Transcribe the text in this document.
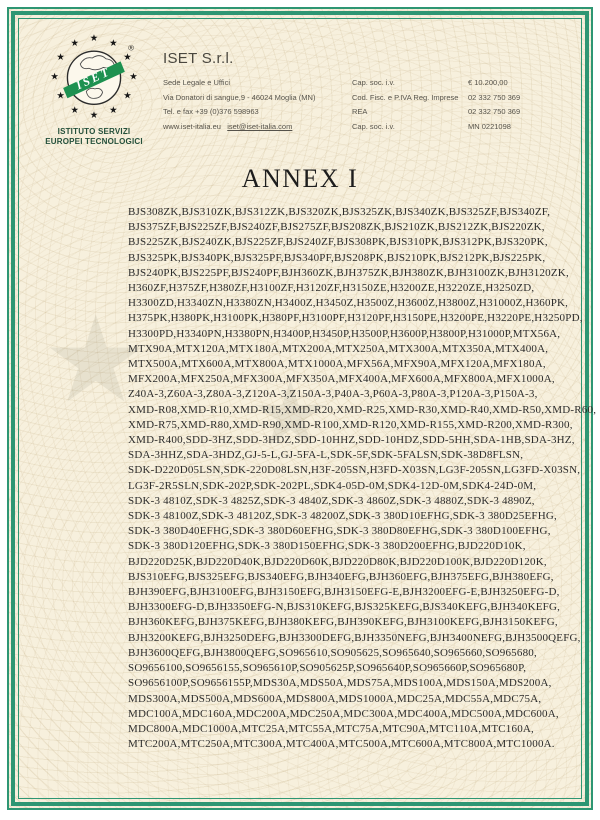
★ ★
★
★
★
★
★
★
★
★
★
★
ISET
®
ISTITUTO SERVIZI
EUROPEI TECNOLOGICI
ISET S.r.l.
Sede Legale e Uffici
Via Donatori di sangue,9 - 46024 Moglia (MN)
Tel. e fax +39 (0)376 598963
www.iset-italia.eu iset@iset-italia.com
Cap. soc. i.v.	€ 10.200,00
Cod. Fisc. e P.IVA Reg. Imprese	02 332 750 369
REA	02 332 750 369
Cap. soc. i.v.	MN 0221098
ANNEX I
BJS308ZK,BJS310ZK,BJS312ZK,BJS320ZK,BJS325ZK,BJS340ZK,BJS325ZF,BJS340ZF,
BJS375ZF,BJS225ZF,BJS240ZF,BJS275ZF,BJS208ZK,BJS210ZK,BJS212ZK,BJS220ZK,
BJS225ZK,BJS240ZK,BJS225ZF,BJS240ZF,BJS308PK,BJS310PK,BJS312PK,BJS320PK,
BJS325PK,BJS340PK,BJS325PF,BJS340PF,BJS208PK,BJS210PK,BJS212PK,BJS225PK,
BJS240PK,BJS225PF,BJS240PF,BJH360ZK,BJH375ZK,BJH380ZK,BJH3100ZK,BJH3120ZK,
H360ZF,H375ZF,H380ZF,H3100ZF,H3120ZF,H3150ZE,H3200ZE,H3220ZE,H3250ZD,
H3300ZD,H3340ZN,H3380ZN,H3400Z,H3450Z,H3500Z,H3600Z,H3800Z,H31000Z,H360PK,
H375PK,H380PK,H3100PK,H380PF,H3100PF,H3120PF,H3150PE,H3200PE,H3220PE,H3250PD,
H3300PD,H3340PN,H3380PN,H3400P,H3450P,H3500P,H3600P,H3800P,H31000P,MTX56A,
MTX90A,MTX120A,MTX180A,MTX200A,MTX250A,MTX300A,MTX350A,MTX400A,
MTX500A,MTX600A,MTX800A,MTX1000A,MFX56A,MFX90A,MFX120A,MFX180A,
MFX200A,MFX250A,MFX300A,MFX350A,MFX400A,MFX600A,MFX800A,MFX1000A,
Z40A-3,Z60A-3,Z80A-3,Z120A-3,Z150A-3,P40A-3,P60A-3,P80A-3,P120A-3,P150A-3,
XMD-R08,XMD-R10,XMD-R15,XMD-R20,XMD-R25,XMD-R30,XMD-R40,XMD-R50,XMD-R60,
XMD-R75,XMD-R80,XMD-R90,XMD-R100,XMD-R120,XMD-R155,XMD-R200,XMD-R300,
XMD-R400,SDD-3HZ,SDD-3HDZ,SDD-10HHZ,SDD-10HDZ,SDD-5HH,SDA-1HB,SDA-3HZ,
SDA-3HHZ,SDA-3HDZ,GJ-5-L,GJ-5FA-L,SDK-5F,SDK-5FALSN,SDK-38D8FLSN,
SDK-D220D05LSN,SDK-220D08LSN,H3F-205SN,H3FD-X03SN,LG3F-205SN,LG3FD-X03SN,
LG3F-2R5SLN,SDK-202P,SDK-202PL,SDK4-05D-0M,SDK4-12D-0M,SDK4-24D-0M,
SDK-3 4810Z,SDK-3 4825Z,SDK-3 4840Z,SDK-3 4860Z,SDK-3 4880Z,SDK-3 4890Z,
SDK-3 48100Z,SDK-3 48120Z,SDK-3 48200Z,SDK-3 380D10EFHG,SDK-3 380D25EFHG,
SDK-3 380D40EFHG,SDK-3 380D60EFHG,SDK-3 380D80EFHG,SDK-3 380D100EFHG,
SDK-3 380D120EFHG,SDK-3 380D150EFHG,SDK-3 380D200EFHG,BJD220D10K,
BJD220D25K,BJD220D40K,BJD220D60K,BJD220D80K,BJD220D100K,BJD220D120K,
BJS310EFG,BJS325EFG,BJS340EFG,BJH340EFG,BJH360EFG,BJH375EFG,BJH380EFG,
BJH390EFG,BJH3100EFG,BJH3150EFG,BJH3150EFG-E,BJH3200EFG-E,BJH3250EFG-D,
BJH3300EFG-D,BJH3350EFG-N,BJS310KEFG,BJS325KEFG,BJS340KEFG,BJH340KEFG,
BJH360KEFG,BJH375KEFG,BJH380KEFG,BJH390KEFG,BJH3100KEFG,BJH3150KEFG,
BJH3200KEFG,BJH3250DEFG,BJH3300DEFG,BJH3350NEFG,BJH3400NEFG,BJH3500QEFG,
BJH3600QEFG,BJH3800QEFG,SO965610,SO905625,SO965640,SO965660,SO965680,
SO9656100,SO9656155,SO965610P,SO905625P,SO965640P,SO965660P,SO965680P,
SO9656100P,SO9656155P,MDS30A,MDS50A,MDS75A,MDS100A,MDS150A,MDS200A,
MDS300A,MDS500A,MDS600A,MDS800A,MDS1000A,MDC25A,MDC55A,MDC75A,
MDC100A,MDC160A,MDC200A,MDC250A,MDC300A,MDC400A,MDC500A,MDC600A,
MDC800A,MDC1000A,MTC25A,MTC55A,MTC75A,MTC90A,MTC110A,MTC160A,
MTC200A,MTC250A,MTC300A,MTC400A,MTC500A,MTC600A,MTC800A,MTC1000A.
